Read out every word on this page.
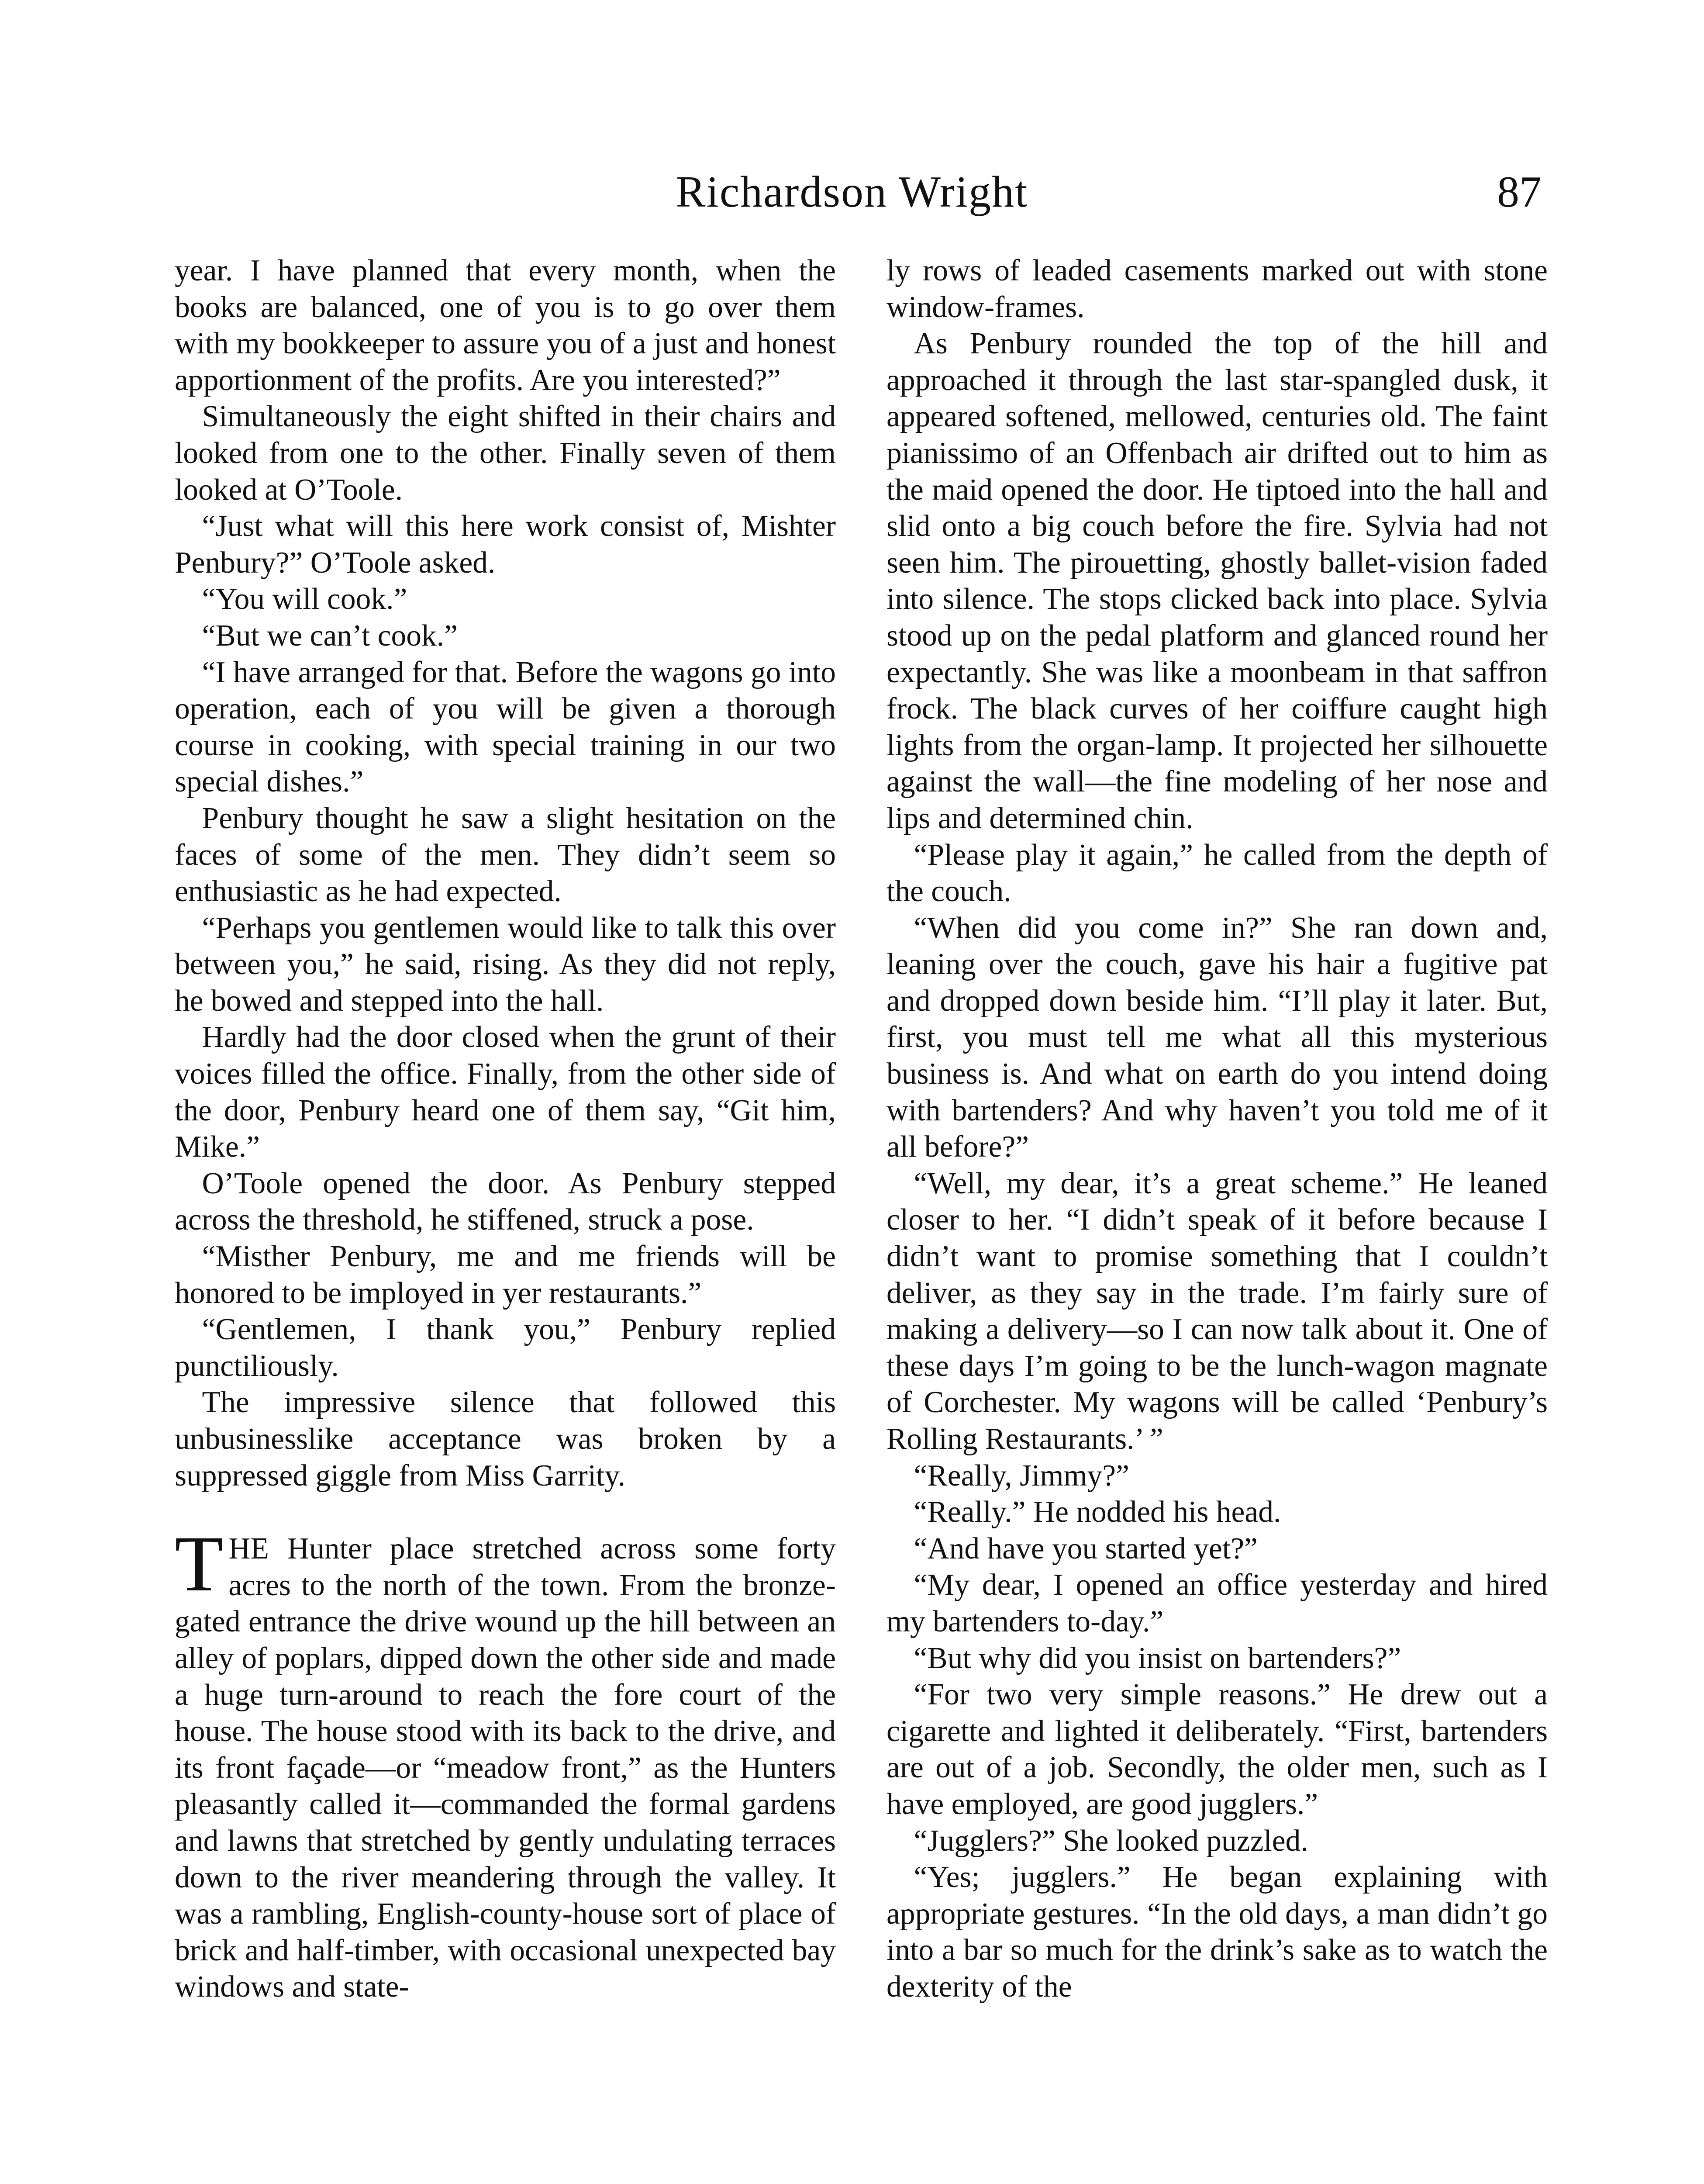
Richardson Wright	87

year. I have planned that every month, when the books are balanced, one of you is to go over them with my bookkeeper to assure you of a just and honest apportionment of the profits. Are you interested?”

Simultaneously the eight shifted in their chairs and looked from one to the other. Finally seven of them looked at O’Toole.

“Just what will this here work consist of, Mishter Penbury?” O’Toole asked.

“You will cook.”

“But we can’t cook.”

“I have arranged for that. Before the wagons go into operation, each of you will be given a thorough course in cooking, with special training in our two special dishes.”

Penbury thought he saw a slight hesitation on the faces of some of the men. They didn’t seem so enthusiastic as he had expected.

“Perhaps you gentlemen would like to talk this over between you,” he said, rising. As they did not reply, he bowed and stepped into the hall.

Hardly had the door closed when the grunt of their voices filled the office. Finally, from the other side of the door, Penbury heard one of them say, “Git him, Mike.”

O’Toole opened the door. As Penbury stepped across the threshold, he stiffened, struck a pose.

“Misther Penbury, me and me friends will be honored to be imployed in yer restaurants.”

“Gentlemen, I thank you,” Penbury replied punctiliously.

The impressive silence that followed this unbusinesslike acceptance was broken by a suppressed giggle from Miss Garrity.

THE Hunter place stretched across some forty acres to the north of the town. From the bronze-gated entrance the drive wound up the hill between an alley of poplars, dipped down the other side and made a huge turn-around to reach the fore court of the house. The house stood with its back to the drive, and its front façade—or “meadow front,” as the Hunters pleasantly called it—commanded the formal gardens and lawns that stretched by gently undulating terraces down to the river meandering through the valley. It was a rambling, English-county-house sort of place of brick and half-timber, with occasional unexpected bay windows and state-

ly rows of leaded casements marked out with stone window-frames.

As Penbury rounded the top of the hill and approached it through the last star-spangled dusk, it appeared softened, mellowed, centuries old. The faint pianissimo of an Offenbach air drifted out to him as the maid opened the door. He tiptoed into the hall and slid onto a big couch before the fire. Sylvia had not seen him. The pirouetting, ghostly ballet-vision faded into silence. The stops clicked back into place. Sylvia stood up on the pedal platform and glanced round her expectantly. She was like a moonbeam in that saffron frock. The black curves of her coiffure caught high lights from the organ-lamp. It projected her silhouette against the wall—the fine modeling of her nose and lips and determined chin.

“Please play it again,” he called from the depth of the couch.

“When did you come in?” She ran down and, leaning over the couch, gave his hair a fugitive pat and dropped down beside him. “I’ll play it later. But, first, you must tell me what all this mysterious business is. And what on earth do you intend doing with bartenders? And why haven’t you told me of it all before?”

“Well, my dear, it’s a great scheme.” He leaned closer to her. “I didn’t speak of it before because I didn’t want to promise something that I couldn’t deliver, as they say in the trade. I’m fairly sure of making a delivery—so I can now talk about it. One of these days I’m going to be the lunch-wagon magnate of Corchester. My wagons will be called ‘Penbury’s Rolling Restaurants.’ ”

“Really, Jimmy?”

“Really.” He nodded his head.

“And have you started yet?”

“My dear, I opened an office yesterday and hired my bartenders to-day.”

“But why did you insist on bartenders?”

“For two very simple reasons.” He drew out a cigarette and lighted it deliberately. “First, bartenders are out of a job. Secondly, the older men, such as I have employed, are good jugglers.”

“Jugglers?” She looked puzzled.

“Yes; jugglers.” He began explaining with appropriate gestures. “In the old days, a man didn’t go into a bar so much for the drink’s sake as to watch the dexterity of the
